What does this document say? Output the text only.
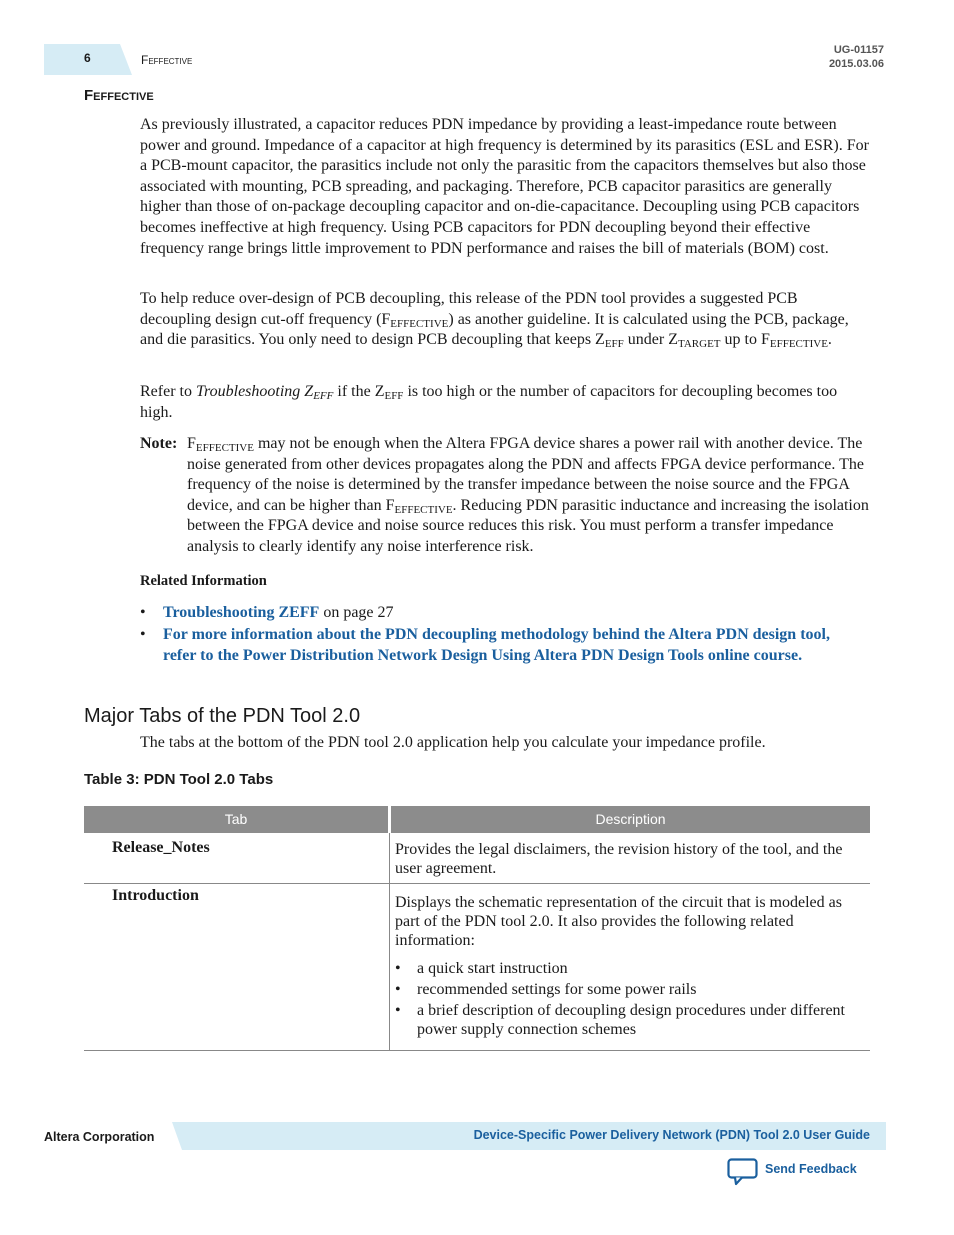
6	Feffective
UG-01157
2015.03.06
Feffective

As previously illustrated, a capacitor reduces PDN impedance by providing a least-impedance route between power and ground. Impedance of a capacitor at high frequency is determined by its parasitics (ESL and ESR). For a PCB-mount capacitor, the parasitics include not only the parasitic from the capacitors themselves but also those associated with mounting, PCB spreading, and packaging. Therefore, PCB capacitor parasitics are generally higher than those of on-package decoupling capacitor and on-die-capacitance. Decoupling using PCB capacitors becomes ineffective at high frequency. Using PCB capacitors for PDN decoupling beyond their effective frequency range brings little improvement to PDN performance and raises the bill of materials (BOM) cost.

To help reduce over-design of PCB decoupling, this release of the PDN tool provides a suggested PCB decoupling design cut-off frequency $(F_{EFFECTIVE})$ as another guideline. It is calculated using the PCB, package, and die parasitics. You only need to design PCB decoupling that keeps $Z_{EFF}$ under $Z_{TARGET}$ up to $F_{EFFECTIVE}$.

Refer to Troubleshooting $Z_{EFF}$ if the $Z_{EFF}$ is too high or the number of capacitors for decoupling becomes too high.

Note: $F_{EFFECTIVE}$ may not be enough when the Altera FPGA device shares a power rail with another device. The noise generated from other devices propagates along the PDN and affects FPGA device performance. The frequency of the noise is determined by the transfer impedance between the noise source and the FPGA device, and can be higher than $F_{EFFECTIVE}$. Reducing PDN parasitic inductance and increasing the isolation between the FPGA device and noise source reduces this risk. You must perform a transfer impedance analysis to clearly identify any noise interference risk.
Related Information
• Troubleshooting ZEFF on page 27
• For more information about the PDN decoupling methodology behind the Altera PDN design tool, refer to the Power Distribution Network Design Using Altera PDN Design Tools online course.
Major Tabs of the PDN Tool 2.0
The tabs at the bottom of the PDN tool 2.0 application help you calculate your impedance profile.
Table 3: PDN Tool 2.0 Tabs
Tab	Description
Release_Notes	Provides the legal disclaimers, the revision history of the tool, and the user agreement.

Introduction	Displays the schematic representation of the circuit that is modeled as part of the PDN tool 2.0. It also provides the following related information:

• a quick start instruction
• recommended settings for some power rails
• a brief description of decoupling design procedures under different power supply connection schemes
Altera Corporation	Device-Specific Power Delivery Network (PDN) Tool 2.0 User Guide
Send Feedback
